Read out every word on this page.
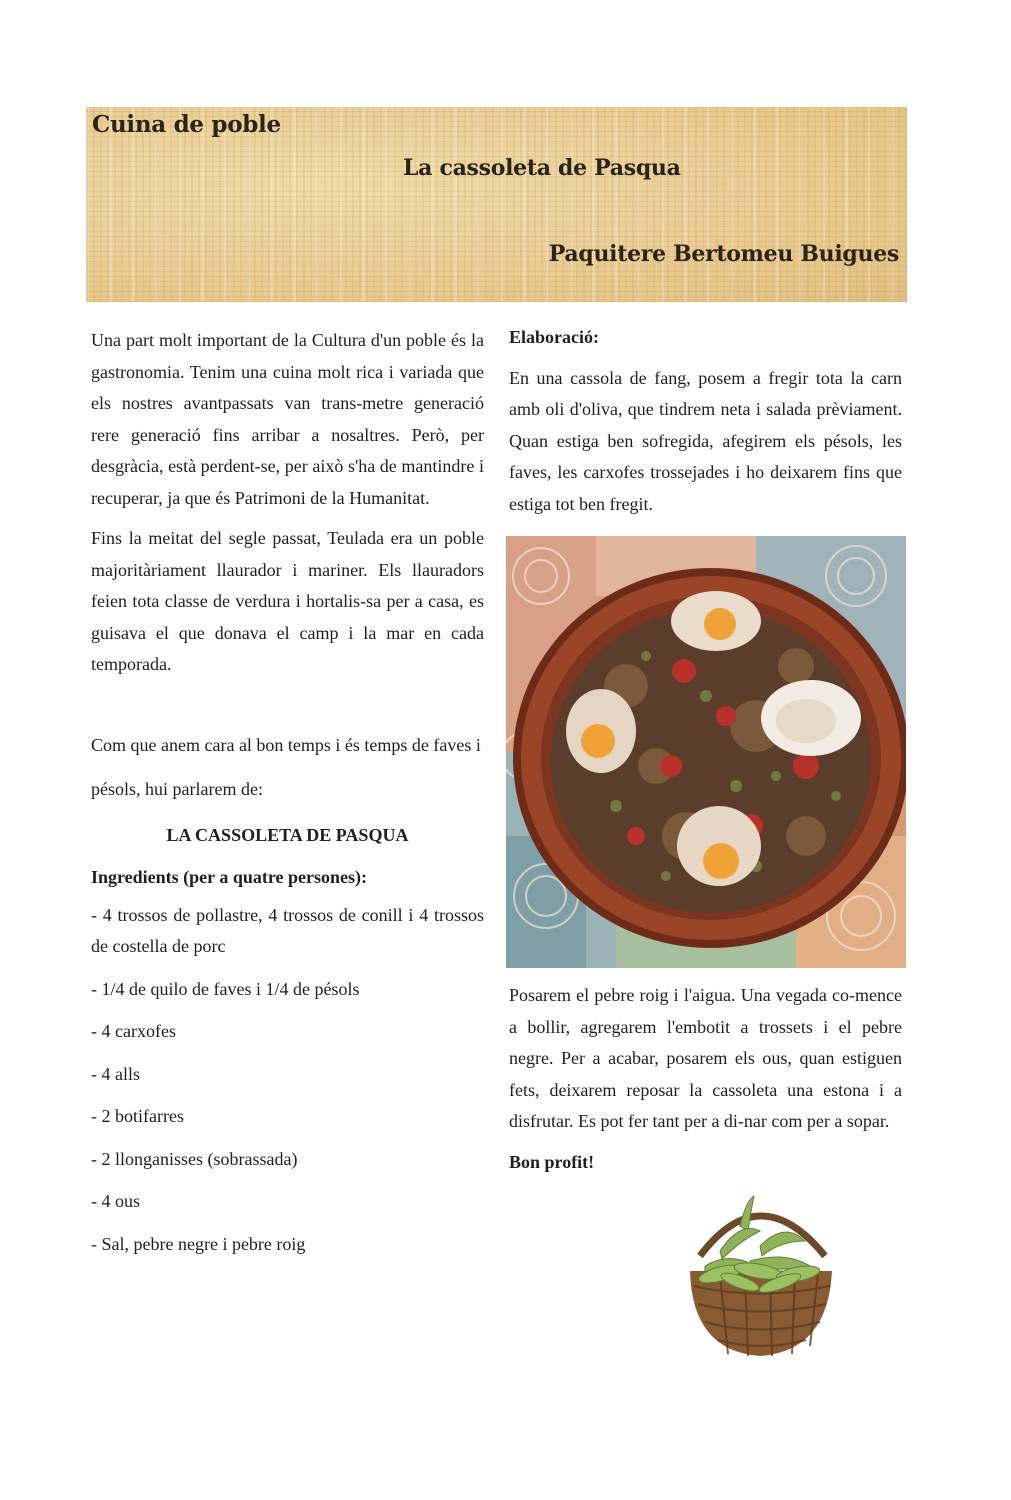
Cuina de poble
La cassoleta de Pasqua
Paquitere Bertomeu Buigues

Una part molt important de la Cultura d'un poble és la gastronomia. Tenim una cuina molt rica i variada que els nostres avantpassats van trans-metre generació rere generació fins arribar a nosaltres. Però, per desgràcia, està perdent-se, per això s'ha de mantindre i recuperar, ja que és Patrimoni de la Humanitat.

Fins la meitat del segle passat, Teulada era un poble majoritàriament llaurador i mariner. Els llauradors feien tota classe de verdura i hortalis-sa per a casa, es guisava el que donava el camp i la mar en cada temporada.

Com que anem cara al bon temps i és temps de faves i pésols, hui parlarem de:

LA CASSOLETA DE PASQUA

Ingredients (per a quatre persones):

- 4 trossos de pollastre, 4 trossos de conill i 4 trossos de costella de porc
- 1/4 de quilo de faves i 1/4 de pésols
- 4 carxofes
- 4 alls
- 2 botifarres
- 2 llonganisses (sobrassada)
- 4 ous
- Sal, pebre negre i pebre roig

Elaboració:

En una cassola de fang, posem a fregir tota la carn amb oli d'oliva, que tindrem neta i salada prèviament. Quan estiga ben sofregida, afegirem els pésols, les faves, les carxofes trossejades i ho deixarem fins que estiga tot ben fregit.

Posarem el pebre roig i l'aigua. Una vegada co-mence a bollir, agregarem l'embotit a trossets i el pebre negre. Per a acabar, posarem els ous, quan estiguen fets, deixarem reposar la cassoleta una estona i a disfrutar. Es pot fer tant per a di-nar com per a sopar.

Bon profit!
